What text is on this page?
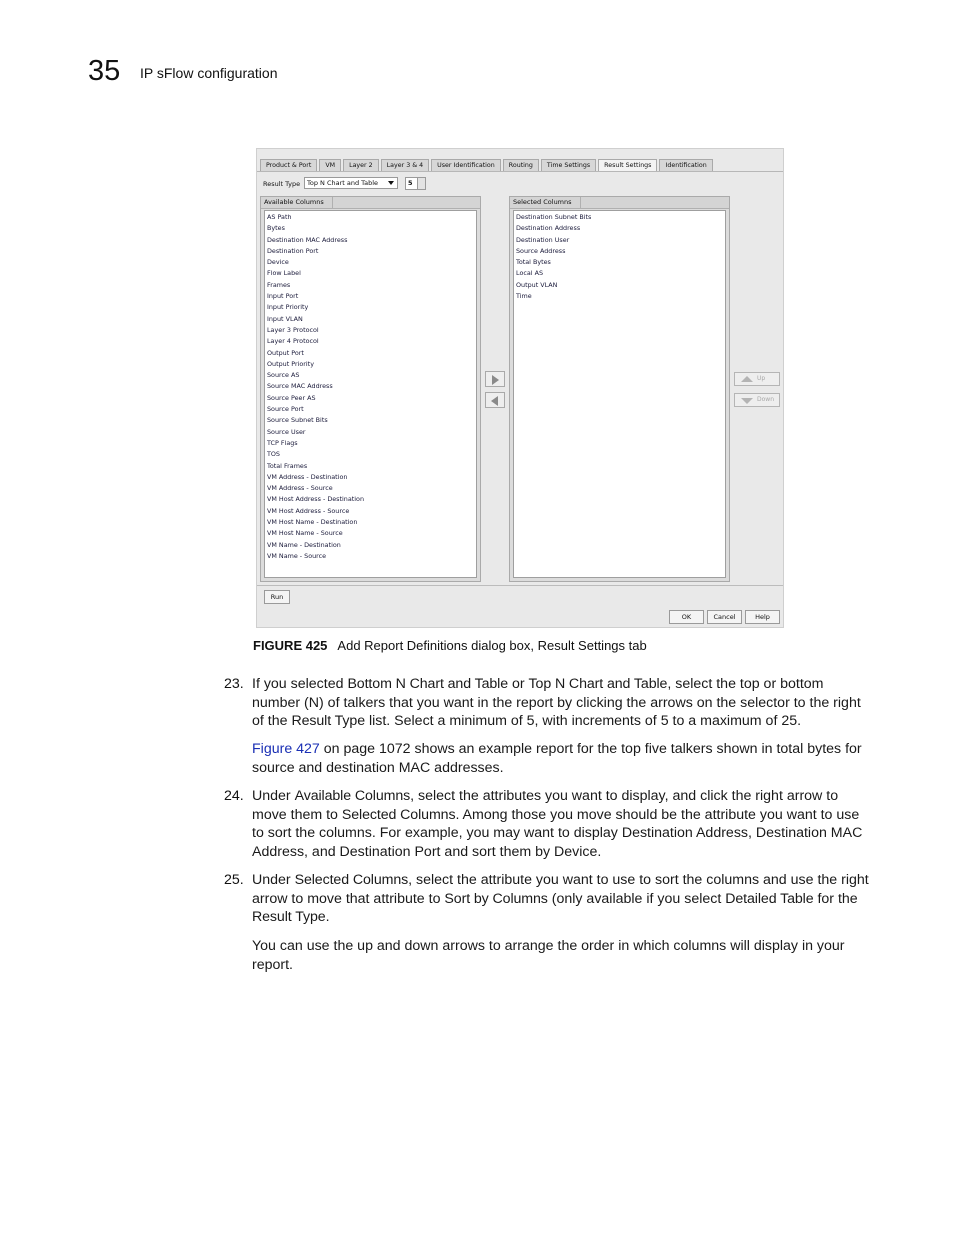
35 IP sFlow configuration
Product & Port	VM	Layer 2	Layer 3 & 4	User Identification	Routing	Time Settings	Result Settings	Identification
Result Type	Top N Chart and Table	5
Available Columns
AS Path
Bytes
Destination MAC Address
Destination Port
Device
Flow Label
Frames
Input Port
Input Priority
Input VLAN
Layer 3 Protocol
Layer 4 Protocol
Output Port
Output Priority
Source AS
Source MAC Address
Source Peer AS
Source Port
Source Subnet Bits
Source User
TCP Flags
TOS
Total Frames
VM Address - Destination
VM Address - Source
VM Host Address - Destination
VM Host Address - Source
VM Host Name - Destination
VM Host Name - Source
VM Name - Destination
VM Name - Source
Selected Columns
Destination Subnet Bits
Destination Address
Destination User
Source Address
Total Bytes
Local AS
Output VLAN
Time
Up
Down
Run
OK	Cancel	Help
FIGURE 425 Add Report Definitions dialog box, Result Settings tab
23. If you selected Bottom N Chart and Table or Top N Chart and Table, select the top or bottom number (N) of talkers that you want in the report by clicking the arrows on the selector to the right of the Result Type list. Select a minimum of 5, with increments of 5 to a maximum of 25.
Figure 427 on page 1072 shows an example report for the top five talkers shown in total bytes for source and destination MAC addresses.
24. Under Available Columns, select the attributes you want to display, and click the right arrow to move them to Selected Columns. Among those you move should be the attribute you want to use to sort the columns. For example, you may want to display Destination Address, Destination MAC Address, and Destination Port and sort them by Device.
25. Under Selected Columns, select the attribute you want to use to sort the columns and use the right arrow to move that attribute to Sort by Columns (only available if you select Detailed Table for the Result Type.
You can use the up and down arrows to arrange the order in which columns will display in your report.
